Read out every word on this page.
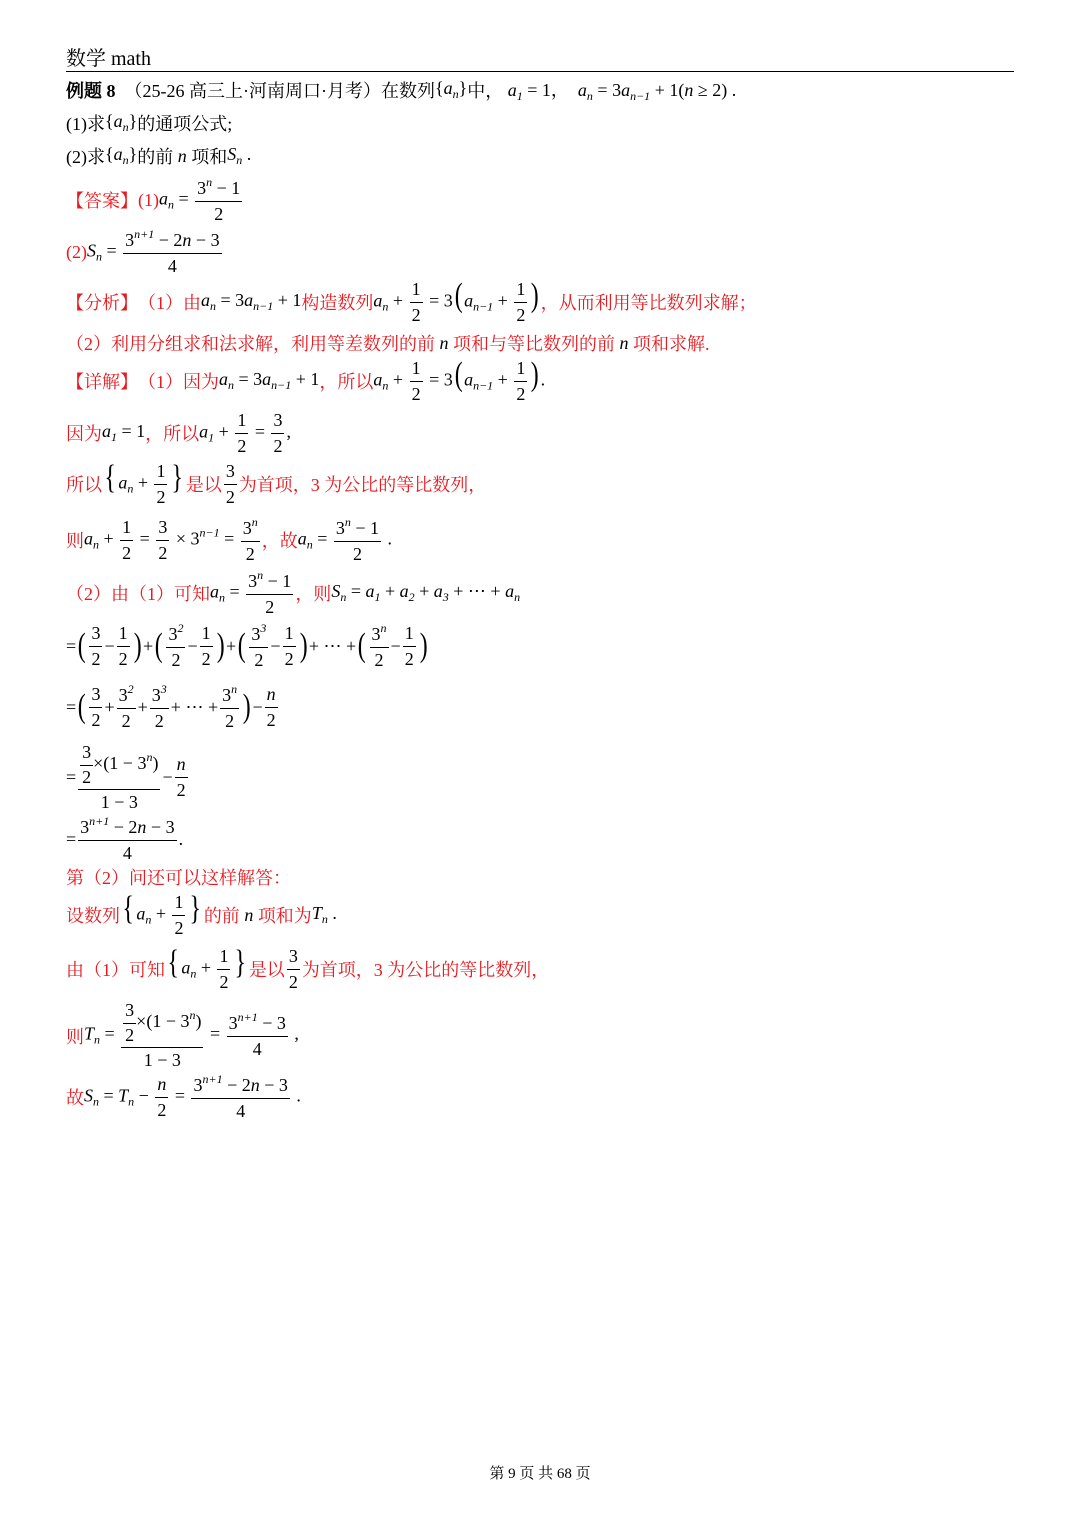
数学 math
例题 8
（25-26 高三上·河南周口·月考）在数列 $\{a_n\}$ 中，
$a_1 = 1$，  $a_n = 3a_{n-1} + 1(n \ge 2)$ .
(1)求 $\{a_n\}$ 的通项公式;
(2)求 $\{a_n\}$ 的前
n
项和 $S_n$ .
【答案】 (1) $a_n = \frac{3^n - 1}{2}$
(2) $S_n = \frac{3^{n+1} - 2n - 3}{4}$
【分析】 （1）由 $a_n = 3a_{n-1} + 1$ 构造数列 $a_n + \frac{1}{2} = 3(a_{n-1} + \frac{1}{2}$ ) ，从而利用等比数列求解；
（2）利用分组求和法求解，利用等差数列的前 n 项和与等比数列的前 n 项和求解.
【详解】 （1）因为 $a_n = 3a_{n-1} + 1$ ，所以 $a_n + \frac{1}{2} = 3(a_{n-1} + \frac{1}{2}$ ).
因为 $a_1 = 1$ ，所以 $a_1 + \frac{1}{2} = \frac{3}{2}$ ,
所以 { $a_n + \frac{1}{2}$ } 是以 $\frac{3}{2}$ 为首项，3 为公比的等比数列，
则 $a_n + \frac{1}{2} = \frac{3}{2} \times 3^{n-1} = \frac{3^n}{2}$ ，故 $a_n = \frac{3^n - 1}{2}$ .
（2）由（1）可知 $a_n = \frac{3^n - 1}{2}$ ，则 $S_n = a_1 + a_2 + a_3$ + ⋯ + $a_n$
= ( $\frac{3}{2} - \frac{1}{2}$ ) + ( $\frac{3^2}{2} - \frac{1}{2}$ ) + ( $\frac{3^3}{2} - \frac{1}{2}$ ) + ⋯ + ( $\frac{3^n}{2} - \frac{1}{2}$ )
= ( $\frac{3}{2} + \frac{3^2}{2} + \frac{3^3}{2}$ + ⋯ + $\frac{3^n}{2}$ ) − $\frac{n}{2}$
= $\frac{\frac{3}{2} \times(1 - 3^n)}{1 - 3} - \frac{n}{2}$
= $\frac{3^{n+1} - 2n - 3}{4}$ .
第（2）问还可以这样解答：
设数列 { $a_n + \frac{1}{2}$ } 的前 n 项和为 $T_n$ .
由（1）可知 { $a_n + \frac{1}{2}$ } 是以 $\frac{3}{2}$ 为首项，3 为公比的等比数列，
则 $T_n = \frac{\frac{3}{2} \times(1 - 3^n)}{1 - 3} = \frac{3^{n+1} - 3}{4}$ ,
故 $S_n = T_n - \frac{n}{2} = \frac{3^{n+1} - 2n - 3}{4}$ .
第 9 页 共 68 页
